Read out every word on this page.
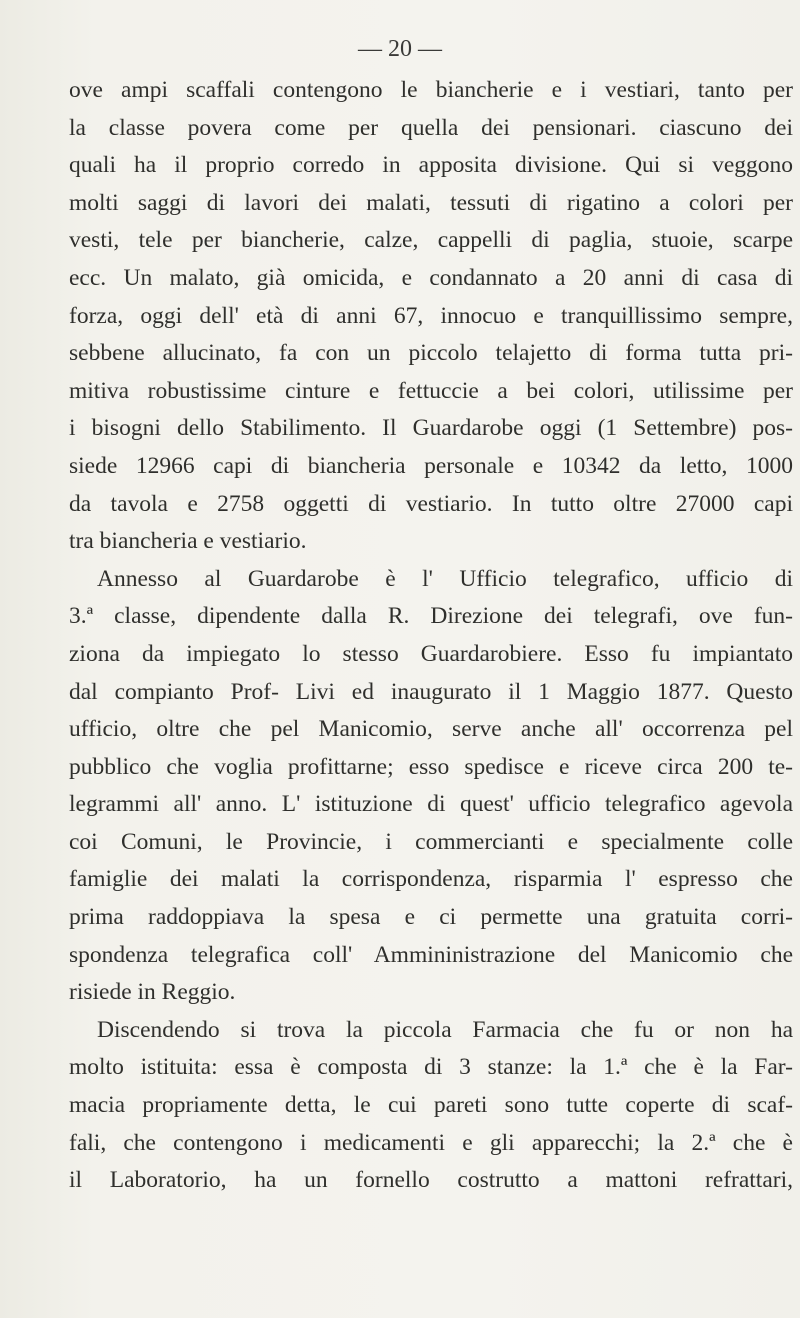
— 20 —
ove ampi scaffali contengono le biancherie e i vestiari, tanto per
la classe povera come per quella dei pensionari. ciascuno dei
quali ha il proprio corredo in apposita divisione. Qui si veggono
molti saggi di lavori dei malati, tessuti di rigatino a colori per
vesti, tele per biancherie, calze, cappelli di paglia, stuoie, scarpe
ecc. Un malato, già omicida, e condannato a 20 anni di casa di
forza, oggi dell' età di anni 67, innocuo e tranquillissimo sempre,
sebbene allucinato, fa con un piccolo telajetto di forma tutta pri-
mitiva robustissime cinture e fettuccie a bei colori, utilissime per
i bisogni dello Stabilimento. Il Guardarobe oggi (1 Settembre) pos-
siede 12966 capi di biancheria personale e 10342 da letto, 1000
da tavola e 2758 oggetti di vestiario. In tutto oltre 27000 capi
tra biancheria e vestiario.
Annesso al Guardarobe è l' Ufficio telegrafico, ufficio di
3.ª classe, dipendente dalla R. Direzione dei telegrafi, ove fun-
ziona da impiegato lo stesso Guardarobiere. Esso fu impiantato
dal compianto Prof- Livi ed inaugurato il 1 Maggio 1877. Questo
ufficio, oltre che pel Manicomio, serve anche all' occorrenza pel
pubblico che voglia profittarne; esso spedisce e riceve circa 200 te-
legrammi all' anno. L' istituzione di quest' ufficio telegrafico agevola
coi Comuni, le Provincie, i commercianti e specialmente colle
famiglie dei malati la corrispondenza, risparmia l' espresso che
prima raddoppiava la spesa e ci permette una gratuita corri-
spondenza telegrafica coll' Ammininistrazione del Manicomio che
risiede in Reggio.
Discendendo si trova la piccola Farmacia che fu or non ha
molto istituita: essa è composta di 3 stanze: la 1.ª che è la Far-
macia propriamente detta, le cui pareti sono tutte coperte di scaf-
fali, che contengono i medicamenti e gli apparecchi; la 2.ª che è
il Laboratorio, ha un fornello costrutto a mattoni refrattari,
